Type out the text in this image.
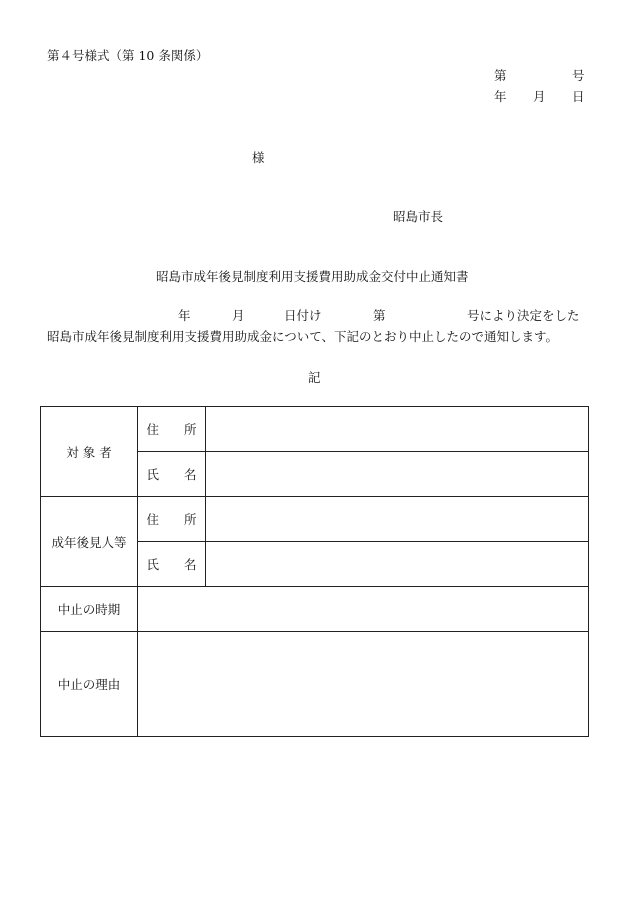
第４号様式（第 10 条関係）
第	号
年 月 日
様
昭島市長
昭島市成年後見制度利用支援費用助成金交付中止通知書
年	月	日付け	第	号により決定をした
昭島市成年後見制度利用支援費用助成金について、下記のとおり中止したので通知します。
記
対 象 者	住　　所	
	氏　　名	
成年後見人等	住　　所	
	氏　　名	
中止の時期		
中止の理由		
